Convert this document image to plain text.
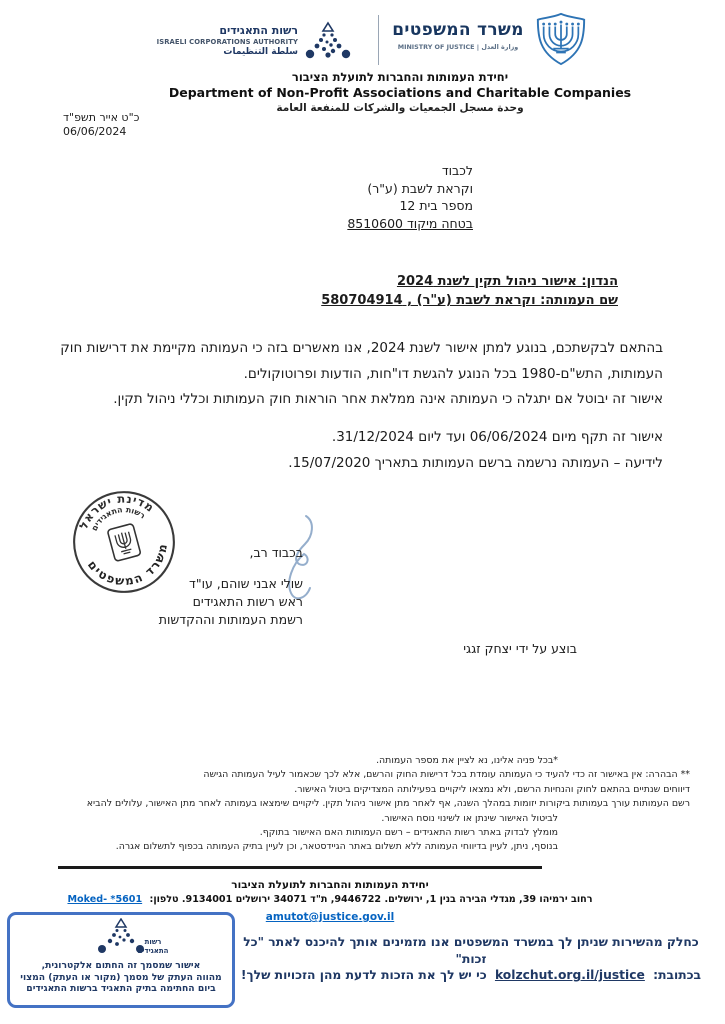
משרד המשפטים
MINISTRY OF JUSTICE | وزارة العدل
רשות התאגידים
ISRAELI CORPORATIONS AUTHORITY
سلطة التنظيمات
יחידת העמותות והחברות לתועלת הציבור
Department of Non-Profit Associations and Charitable Companies
وحدة مسجل الجمعيات والشركات للمنفعة العامة
כ"ט אייר תשפ"ד
06/06/2024
לכבוד
וקראת לשבת (ע"ר)
מספר בית 12
בטחה מיקוד 8510600
הנדון: אישור ניהול תקין לשנת 2024
שם העמותה: וקראת לשבת (ע"ר) , 580704914
בהתאם לבקשתכם, בנוגע למתן אישור לשנת 2024, אנו מאשרים בזה כי העמותה מקיימת את דרישות חוק העמותות, התש"ם-1980 בכל הנוגע להגשת דו"חות, הודעות ופרוטוקולים.
אישור זה יבוטל אם יתגלה כי העמותה אינה ממלאת אחר הוראות חוק העמותות וכללי ניהול תקין.
אישור זה תקף מיום 06/06/2024 ועד ליום 31/12/2024.
לידיעה – העמותה נרשמה ברשם העמותות בתאריך 15/07/2020.
מדינת ישראל
רשות התאגידים
משרד המשפטים	בכבוד רב,
שולי אבני שוהם, עו"ד
ראש רשות התאגידים
רשמת העמותות וההקדשות
בוצע על ידי יצחק זגגי
*בכל פניה אלינו, נא לציין את מספר העמותה.
** הבהרה: אין באישור זה כדי להעיד כי העמותה עומדת בכל דרישות החוק והרשם, אלא לכך שכאמור לעיל העמותה הגישה
דיווחים שנתיים בהתאם לחוק והנחיות הרשם, ולא נמצאו ליקויים בפעילותה המצדיקים ביטול האישור.
רשם העמותות עורך בעמותות ביקורות יזומות במהלך השנה, אף לאחר מתן אישור ניהול תקין. ליקויים שימצאו בעמותה לאחר מתן האישור, עלולים להביא
לביטול האישור שינתן או לשינוי נוסח האישור.
מומלץ לבדוק באתר רשות התאגידים – רשם העמותות האם האישור בתוקף.
בנוסף, ניתן, לעיין בדיווחי העמותה ללא תשלום באתר הגיידסטאר, וכן לעיין בתיק העמותה בכפוף לתשלום אגרה.
יחידת העמותות והחברות לתועלת הציבור
רחוב ירמיהו 39, מגדלי הבירה בנין 1, ירושלים. 9446722, ת"ד 34071 ירושלים 9134001. טלפון: Moked- *5601
amutot@justice.gov.il
רשות
התאגידים
אישור שמסמך זה החתום אלקטרונית,
מהווה העתק של מסמך (מקור או העתק) המצוי
ביום החתימה בתיק התאגיד ברשות התאגידים
כחלק מהשירות שניתן לך במשרד המשפטים אנו מזמינים אותך להיכנס לאתר "כל זכות"
בכתובת: kolzchut.org.il/justice כי יש לך את הזכות לדעת מהן הזכויות שלך!
